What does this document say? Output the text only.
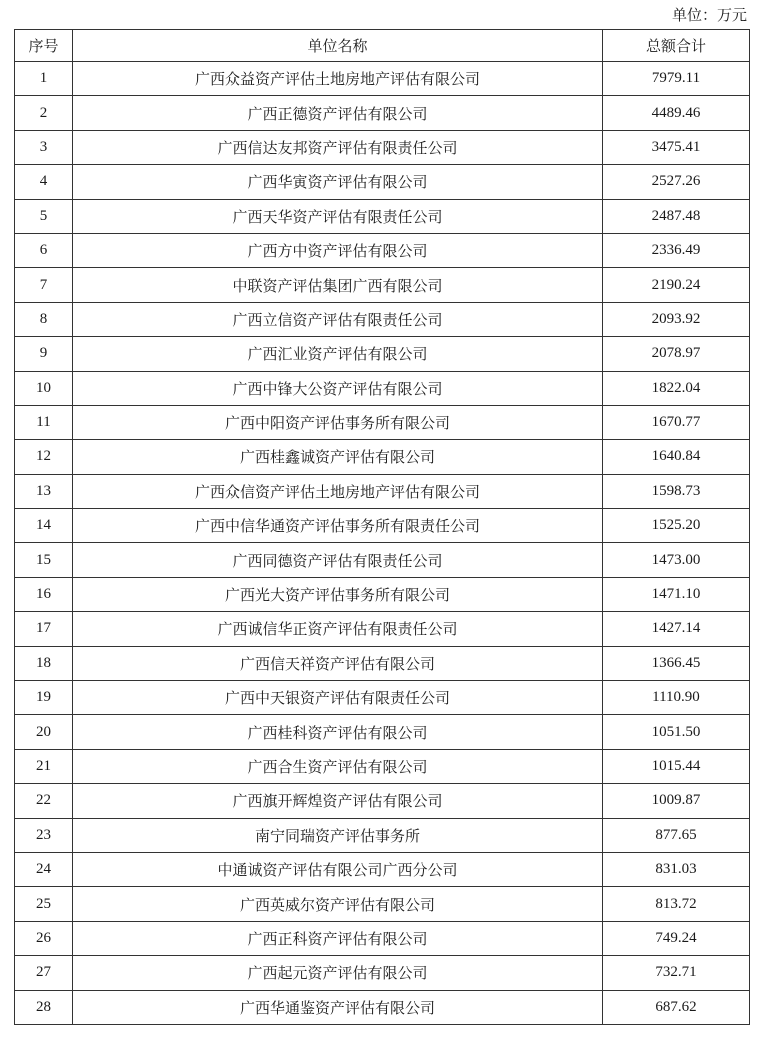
单位：万元
序号	单位名称	总额合计
1	广西众益资产评估土地房地产评估有限公司	7979.11
2	广西正德资产评估有限公司	4489.46
3	广西信达友邦资产评估有限责任公司	3475.41
4	广西华寅资产评估有限公司	2527.26
5	广西天华资产评估有限责任公司	2487.48
6	广西方中资产评估有限公司	2336.49
7	中联资产评估集团广西有限公司	2190.24
8	广西立信资产评估有限责任公司	2093.92
9	广西汇业资产评估有限公司	2078.97
10	广西中锋大公资产评估有限公司	1822.04
11	广西中阳资产评估事务所有限公司	1670.77
12	广西桂鑫诚资产评估有限公司	1640.84
13	广西众信资产评估土地房地产评估有限公司	1598.73
14	广西中信华通资产评估事务所有限责任公司	1525.20
15	广西同德资产评估有限责任公司	1473.00
16	广西光大资产评估事务所有限公司	1471.10
17	广西诚信华正资产评估有限责任公司	1427.14
18	广西信天祥资产评估有限公司	1366.45
19	广西中天银资产评估有限责任公司	1110.90
20	广西桂科资产评估有限公司	1051.50
21	广西合生资产评估有限公司	1015.44
22	广西旗开辉煌资产评估有限公司	1009.87
23	南宁同瑞资产评估事务所	877.65
24	中通诚资产评估有限公司广西分公司	831.03
25	广西英威尔资产评估有限公司	813.72
26	广西正科资产评估有限公司	749.24
27	广西起元资产评估有限公司	732.71
28	广西华通鉴资产评估有限公司	687.62
